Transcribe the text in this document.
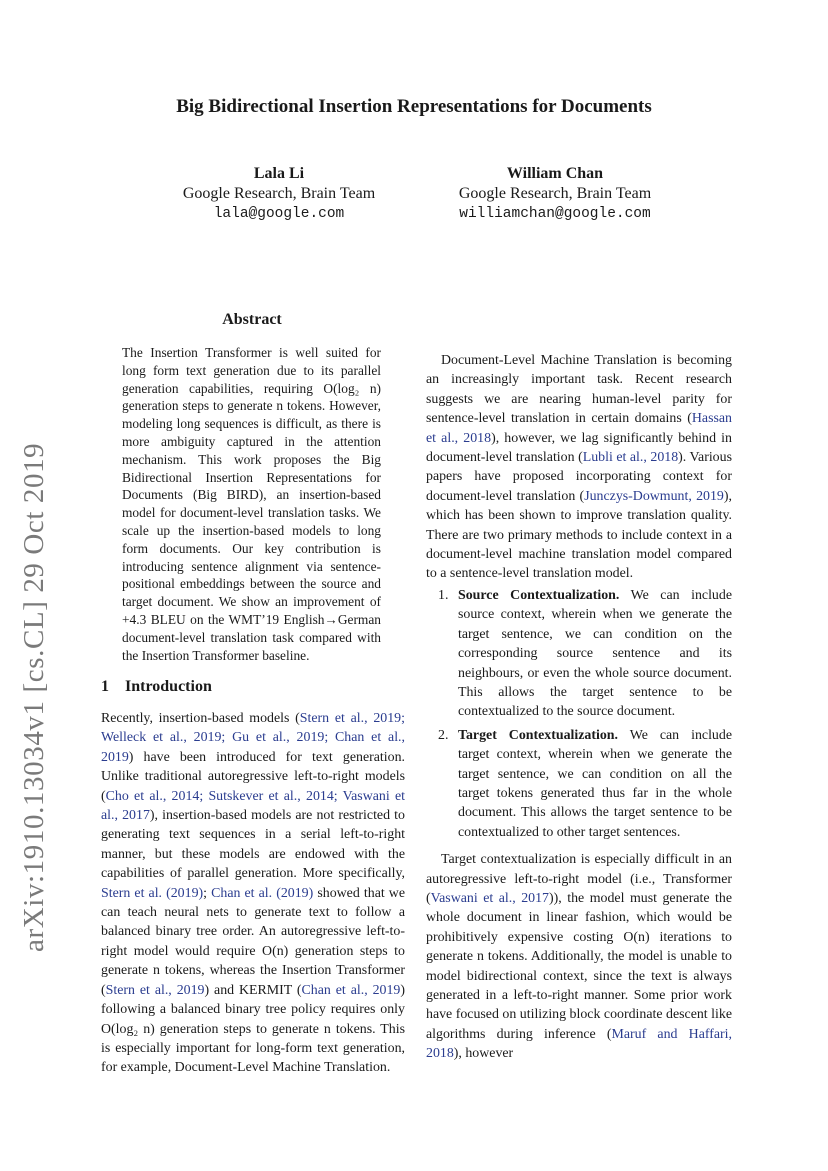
Big Bidirectional Insertion Representations for Documents
Lala Li
Google Research, Brain Team
lala@google.com
William Chan
Google Research, Brain Team
williamchan@google.com
arXiv:1910.13034v1 [cs.CL] 29 Oct 2019
Abstract
The Insertion Transformer is well suited for long form text generation due to its parallel generation capabilities, requiring O(log₂ n) generation steps to generate n tokens. However, modeling long sequences is difficult, as there is more ambiguity captured in the attention mechanism. This work proposes the Big Bidirectional Insertion Representations for Documents (Big BIRD), an insertion-based model for document-level translation tasks. We scale up the insertion-based models to long form documents. Our key contribution is introducing sentence alignment via sentence-positional embeddings between the source and target document. We show an improvement of +4.3 BLEU on the WMT’19 English→German document-level translation task compared with the Insertion Transformer baseline.
1 Introduction
Recently, insertion-based models (Stern et al., 2019; Welleck et al., 2019; Gu et al., 2019; Chan et al., 2019) have been introduced for text generation. Unlike traditional autoregressive left-to-right models (Cho et al., 2014; Sutskever et al., 2014; Vaswani et al., 2017), insertion-based models are not restricted to generating text sequences in a serial left-to-right manner, but these models are endowed with the capabilities of parallel generation. More specifically, Stern et al. (2019); Chan et al. (2019) showed that we can teach neural nets to generate text to follow a balanced binary tree order. An autoregressive left-to-right model would require O(n) generation steps to generate n tokens, whereas the Insertion Transformer (Stern et al., 2019) and KERMIT (Chan et al., 2019) following a balanced binary tree policy requires only O(log₂ n) generation steps to generate n tokens. This is especially important for long-form text generation, for example, Document-Level Machine Translation.

Document-Level Machine Translation is becoming an increasingly important task. Recent research suggests we are nearing human-level parity for sentence-level translation in certain domains (Hassan et al., 2018), however, we lag significantly behind in document-level translation (Lubli et al., 2018). Various papers have proposed incorporating context for document-level translation (Junczys-Dowmunt, 2019), which has been shown to improve translation quality. There are two primary methods to include context in a document-level machine translation model compared to a sentence-level translation model.

1. Source Contextualization. We can include source context, wherein when we generate the target sentence, we can condition on the corresponding source sentence and its neighbours, or even the whole source document. This allows the target sentence to be contextualized to the source document.
2. Target Contextualization. We can include target context, wherein when we generate the target sentence, we can condition on all the target tokens generated thus far in the whole document. This allows the target sentence to be contextualized to other target sentences.

Target contextualization is especially difficult in an autoregressive left-to-right model (i.e., Transformer (Vaswani et al., 2017)), the model must generate the whole document in linear fashion, which would be prohibitively expensive costing O(n) iterations to generate n tokens. Additionally, the model is unable to model bidirectional context, since the text is always generated in a left-to-right manner. Some prior work have focused on utilizing block coordinate descent like algorithms during inference (Maruf and Haffari, 2018), however
